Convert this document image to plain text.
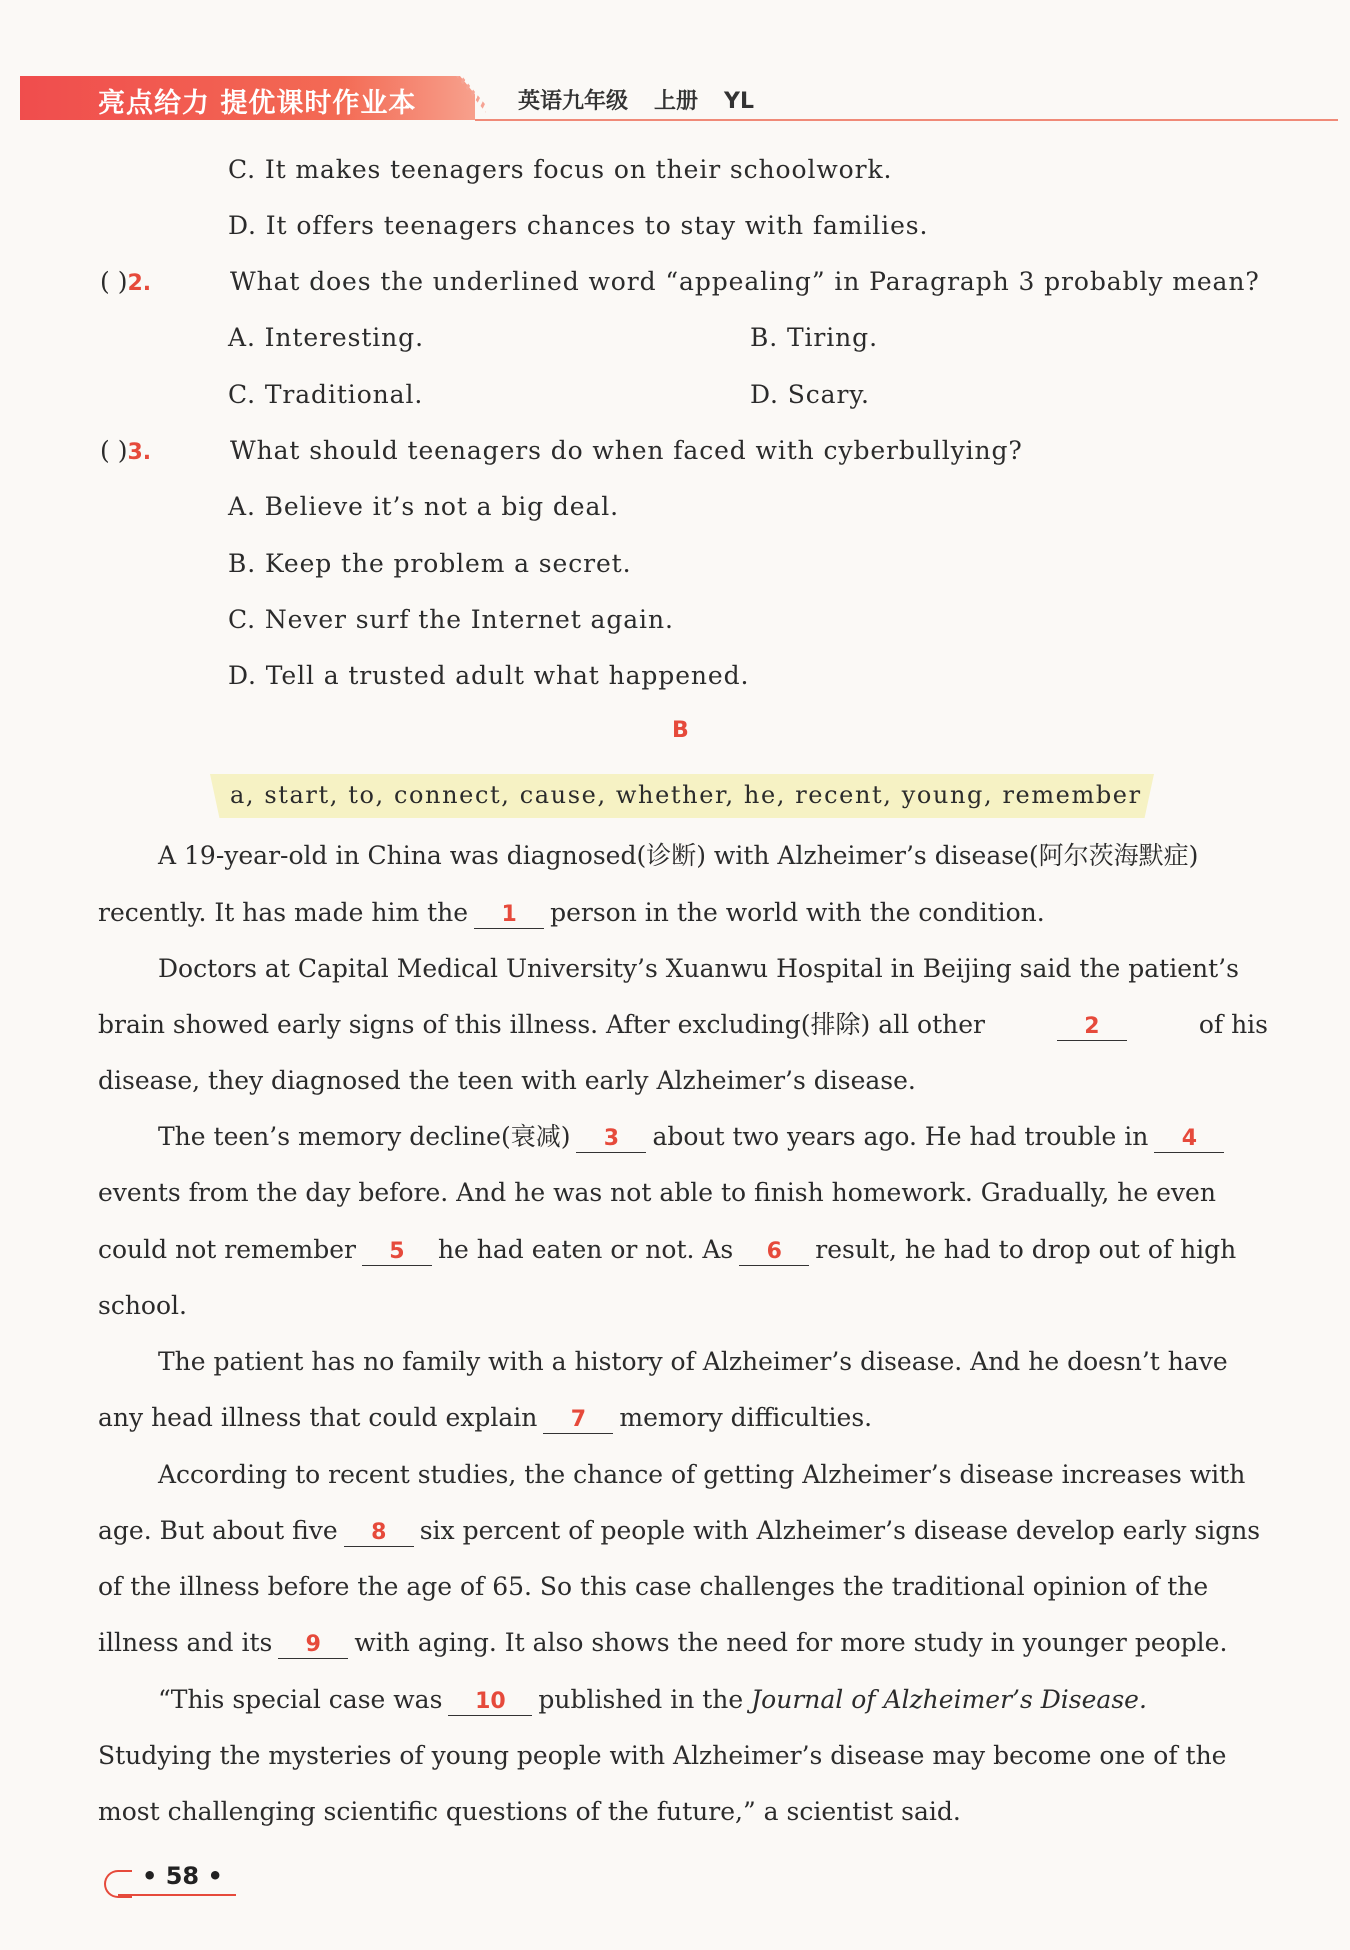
亮点给力 提优课时作业本	英语九年级 上册 YL
C. It makes teenagers focus on their schoolwork.
D. It offers teenagers chances to stay with families.
( )2.	What does the underlined word “appealing” in Paragraph 3 probably mean?
A. Interesting.	B. Tiring.
C. Traditional.	D. Scary.
( )3.	What should teenagers do when faced with cyberbullying?
A. Believe it’s not a big deal.
B. Keep the problem a secret.
C. Never surf the Internet again.
D. Tell a trusted adult what happened.
B
a, start, to, connect, cause, whether, he, recent, young, remember
A 19-year-old in China was diagnosed(诊断) with Alzheimer’s disease(阿尔茨海默症)
recently. It has made him the 1 person in the world with the condition.
Doctors at Capital Medical University’s Xuanwu Hospital in Beijing said the patient’s
brain showed early signs of this illness. After excluding(排除) all other	2	of his
disease, they diagnosed the teen with early Alzheimer’s disease.
The teen’s memory decline(衰减) 3 about two years ago. He had trouble in 4
events from the day before. And he was not able to finish homework. Gradually, he even
could not remember 5 he had eaten or not. As 6 result, he had to drop out of high
school.
The patient has no family with a history of Alzheimer’s disease. And he doesn’t have
any head illness that could explain 7 memory difficulties.
According to recent studies, the chance of getting Alzheimer’s disease increases with
age. But about five 8 six percent of people with Alzheimer’s disease develop early signs
of the illness before the age of 65. So this case challenges the traditional opinion of the
illness and its 9 with aging. It also shows the need for more study in younger people.
“This special case was 10 published in the Journal of Alzheimer’s Disease.
Studying the mysteries of young people with Alzheimer’s disease may become one of the
most challenging scientific questions of the future,” a scientist said.
• 58 •
